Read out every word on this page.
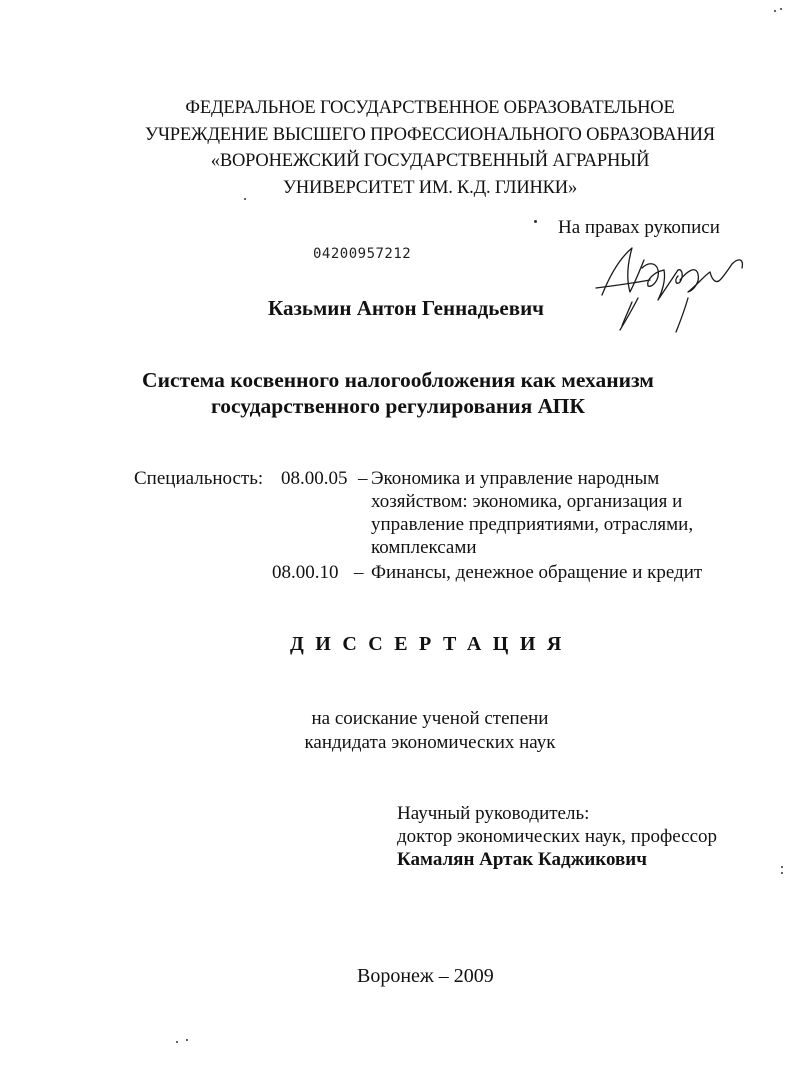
ФЕДЕРАЛЬНОЕ ГОСУДАРСТВЕННОЕ ОБРАЗОВАТЕЛЬНОЕ
УЧРЕЖДЕНИЕ ВЫСШЕГО ПРОФЕССИОНАЛЬНОГО ОБРАЗОВАНИЯ
«ВОРОНЕЖСКИЙ ГОСУДАРСТВЕННЫЙ АГРАРНЫЙ
УНИВЕРСИТЕТ ИМ. К.Д. ГЛИНКИ»
На правах рукописи
04200957212
Казьмин Антон Геннадьевич
Система косвенного налогообложения как механизм
государственного регулирования АПК
Специальность: 08.00.05 – Экономика и управление народным
хозяйством: экономика, организация и
управление предприятиями, отраслями,
комплексами
08.00.10 – Финансы, денежное обращение и кредит
ДИССЕРТАЦИЯ
на соискание ученой степени
кандидата экономических наук
Научный руководитель:
доктор экономических наук, профессор
Камалян Артак Каджикович
Воронеж – 2009
